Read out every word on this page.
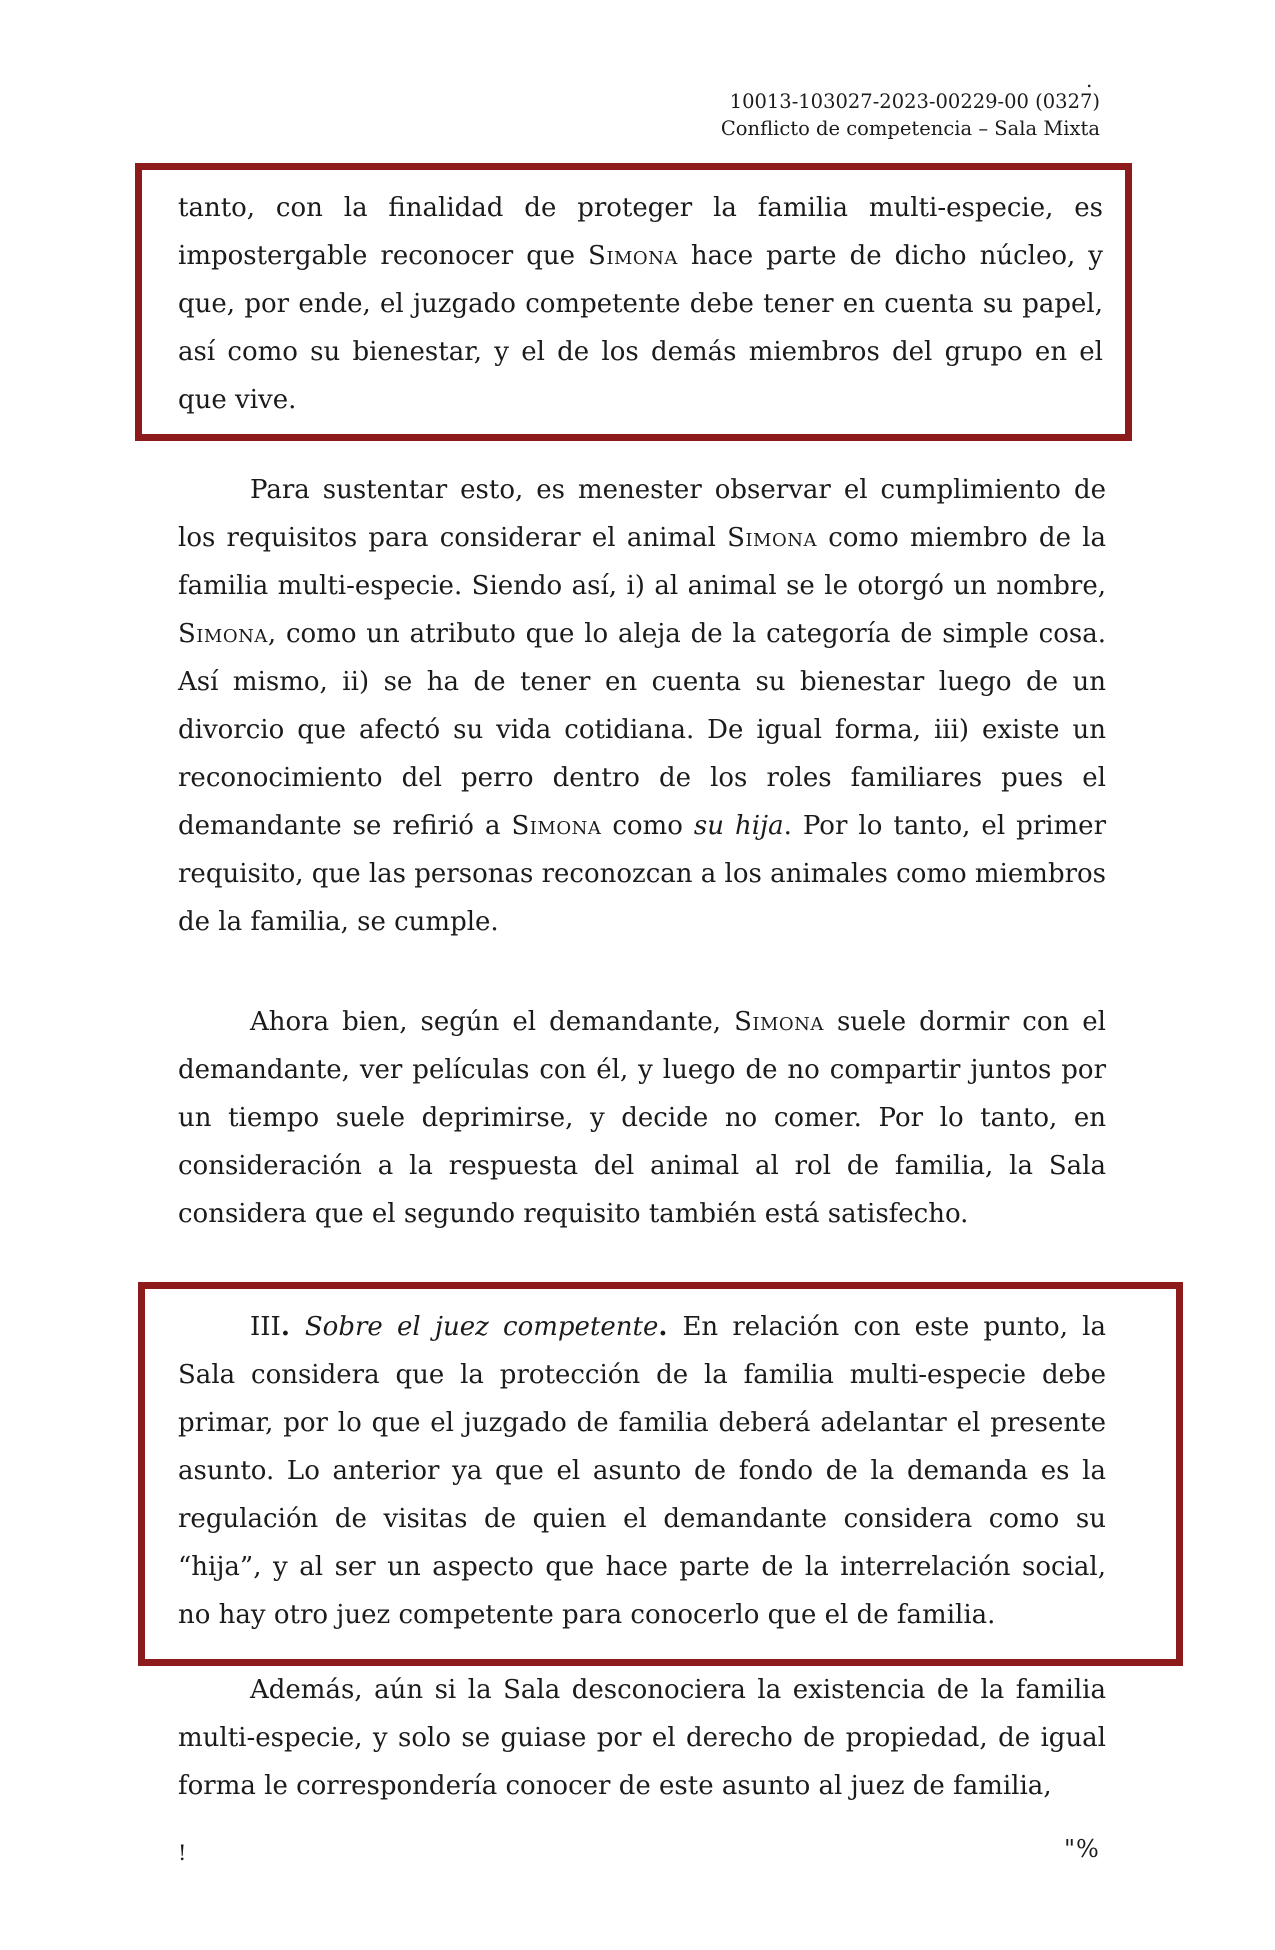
.
10013-103027-2023-00229-00 (0327)
Conflicto de competencia – Sala Mixta

tanto, con la finalidad de proteger la familia multi-especie, es impostergable reconocer que Simona hace parte de dicho núcleo, y que, por ende, el juzgado competente debe tener en cuenta su papel, así como su bienestar, y el de los demás miembros del grupo en el que vive.

Para sustentar esto, es menester observar el cumplimiento de los requisitos para considerar el animal Simona como miembro de la familia multi-especie. Siendo así, i) al animal se le otorgó un nombre, Simona, como un atributo que lo aleja de la categoría de simple cosa. Así mismo, ii) se ha de tener en cuenta su bienestar luego de un divorcio que afectó su vida cotidiana. De igual forma, iii) existe un reconocimiento del perro dentro de los roles familiares pues el demandante se refirió a Simona como su hija. Por lo tanto, el primer requisito, que las personas reconozcan a los animales como miembros de la familia, se cumple.

Ahora bien, según el demandante, Simona suele dormir con el demandante, ver películas con él, y luego de no compartir juntos por un tiempo suele deprimirse, y decide no comer. Por lo tanto, en consideración a la respuesta del animal al rol de familia, la Sala considera que el segundo requisito también está satisfecho.

III. Sobre el juez competente. En relación con este punto, la Sala considera que la protección de la familia multi-especie debe primar, por lo que el juzgado de familia deberá adelantar el presente asunto. Lo anterior ya que el asunto de fondo de la demanda es la regulación de visitas de quien el demandante considera como su “hija”, y al ser un aspecto que hace parte de la interrelación social, no hay otro juez competente para conocerlo que el de familia.

Además, aún si la Sala desconociera la existencia de la familia multi-especie, y solo se guiase por el derecho de propiedad, de igual forma le correspondería conocer de este asunto al juez de familia,

!	"%
